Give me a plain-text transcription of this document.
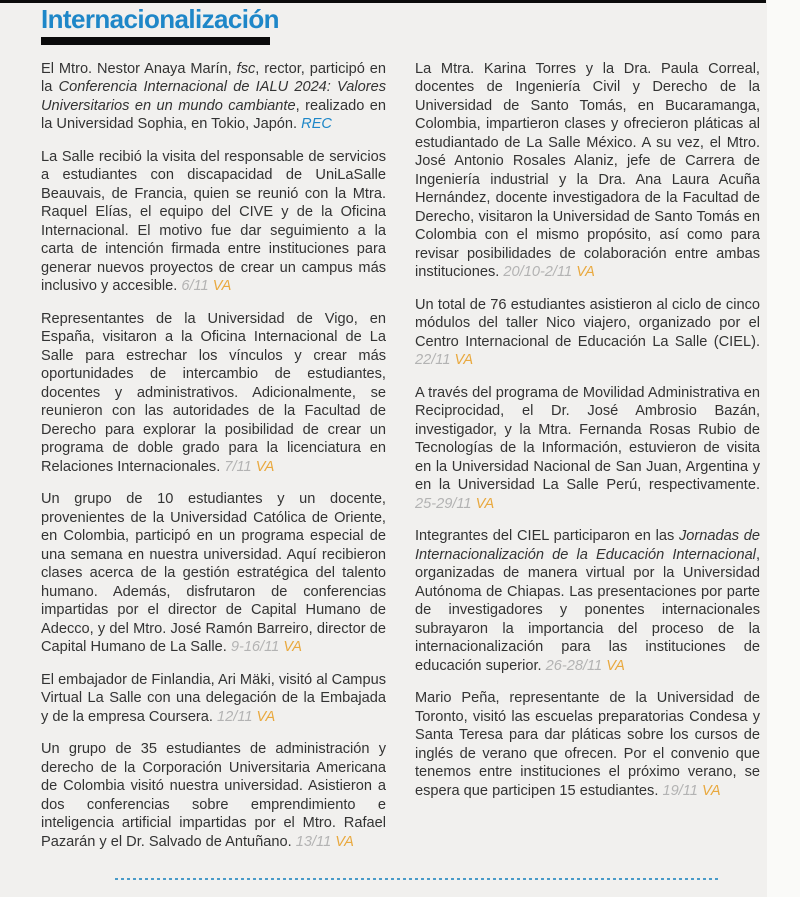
Internacionalización

El Mtro. Nestor Anaya Marín, fsc, rector, participó en la Conferencia Internacional de IALU 2024: Valores Universitarios en un mundo cambiante, realizado en la Universidad Sophia, en Tokio, Japón. REC

La Salle recibió la visita del responsable de servicios a estudiantes con discapacidad de UniLaSalle Beauvais, de Francia, quien se reunió con la Mtra. Raquel Elías, el equipo del CIVE y de la Oficina Internacional. El motivo fue dar seguimiento a la carta de intención firmada entre instituciones para generar nuevos proyectos de crear un campus más inclusivo y accesible. 6/11 VA

Representantes de la Universidad de Vigo, en España, visitaron a la Oficina Internacional de La Salle para estrechar los vínculos y crear más oportunidades de intercambio de estudiantes, docentes y administrativos. Adicionalmente, se reunieron con las autoridades de la Facultad de Derecho para explorar la posibilidad de crear un programa de doble grado para la licenciatura en Relaciones Internacionales. 7/11 VA

Un grupo de 10 estudiantes y un docente, provenientes de la Universidad Católica de Oriente, en Colombia, participó en un programa especial de una semana en nuestra universidad. Aquí recibieron clases acerca de la gestión estratégica del talento humano. Además, disfrutaron de conferencias impartidas por el director de Capital Humano de Adecco, y del Mtro. José Ramón Barreiro, director de Capital Humano de La Salle. 9-16/11 VA

El embajador de Finlandia, Ari Mäki, visitó al Campus Virtual La Salle con una delegación de la Embajada y de la empresa Coursera. 12/11 VA

Un grupo de 35 estudiantes de administración y derecho de la Corporación Universitaria Americana de Colombia visitó nuestra universidad. Asistieron a dos conferencias sobre emprendimiento e inteligencia artificial impartidas por el Mtro. Rafael Pazarán y el Dr. Salvado de Antuñano. 13/11 VA

La Mtra. Karina Torres y la Dra. Paula Correal, docentes de Ingeniería Civil y Derecho de la Universidad de Santo Tomás, en Bucaramanga, Colombia, impartieron clases y ofrecieron pláticas al estudiantado de La Salle México. A su vez, el Mtro. José Antonio Rosales Alaniz, jefe de Carrera de Ingeniería industrial y la Dra. Ana Laura Acuña Hernández, docente investigadora de la Facultad de Derecho, visitaron la Universidad de Santo Tomás en Colombia con el mismo propósito, así como para revisar posibilidades de colaboración entre ambas instituciones. 20/10-2/11 VA

Un total de 76 estudiantes asistieron al ciclo de cinco módulos del taller Nico viajero, organizado por el Centro Internacional de Educación La Salle (CIEL). 22/11 VA

A través del programa de Movilidad Administrativa en Reciprocidad, el Dr. José Ambrosio Bazán, investigador, y la Mtra. Fernanda Rosas Rubio de Tecnologías de la Información, estuvieron de visita en la Universidad Nacional de San Juan, Argentina y en la Universidad La Salle Perú, respectivamente. 25-29/11 VA

Integrantes del CIEL participaron en las Jornadas de Internacionalización de la Educación Internacional, organizadas de manera virtual por la Universidad Autónoma de Chiapas. Las presentaciones por parte de investigadores y ponentes internacionales subrayaron la importancia del proceso de la internacionalización para las instituciones de educación superior. 26-28/11 VA

Mario Peña, representante de la Universidad de Toronto, visitó las escuelas preparatorias Condesa y Santa Teresa para dar pláticas sobre los cursos de inglés de verano que ofrecen. Por el convenio que tenemos entre instituciones el próximo verano, se espera que participen 15 estudiantes. 19/11 VA
